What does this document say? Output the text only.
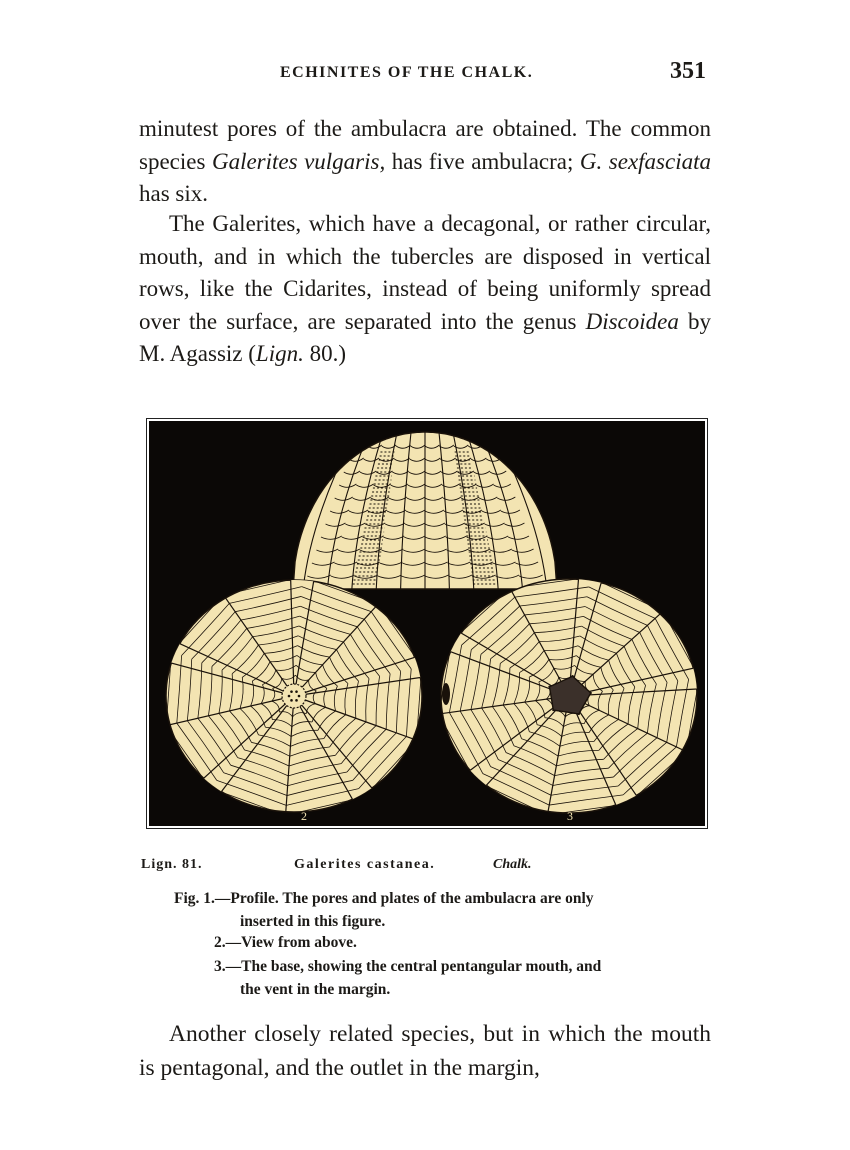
ECHINITES OF THE CHALK.	351

minutest pores of the ambulacra are obtained. The common species Galerites vulgaris, has five ambulacra; G. sexfasciata has six.

The Galerites, which have a decagonal, or rather circular, mouth, and in which the tubercles are disposed in vertical rows, like the Cidarites, instead of being uniformly spread over the surface, are separated into the genus Discoidea by M. Agassiz (Lign. 80.)

2	3
Lign. 81.	Galerites castanea.	Chalk.
Fig. 1.—Profile. The pores and plates of the ambulacra are only
inserted in this figure.
2.—View from above.
3.—The base, showing the central pentangular mouth, and
the vent in the margin.

Another closely related species, but in which the mouth is pentagonal, and the outlet in the margin,
